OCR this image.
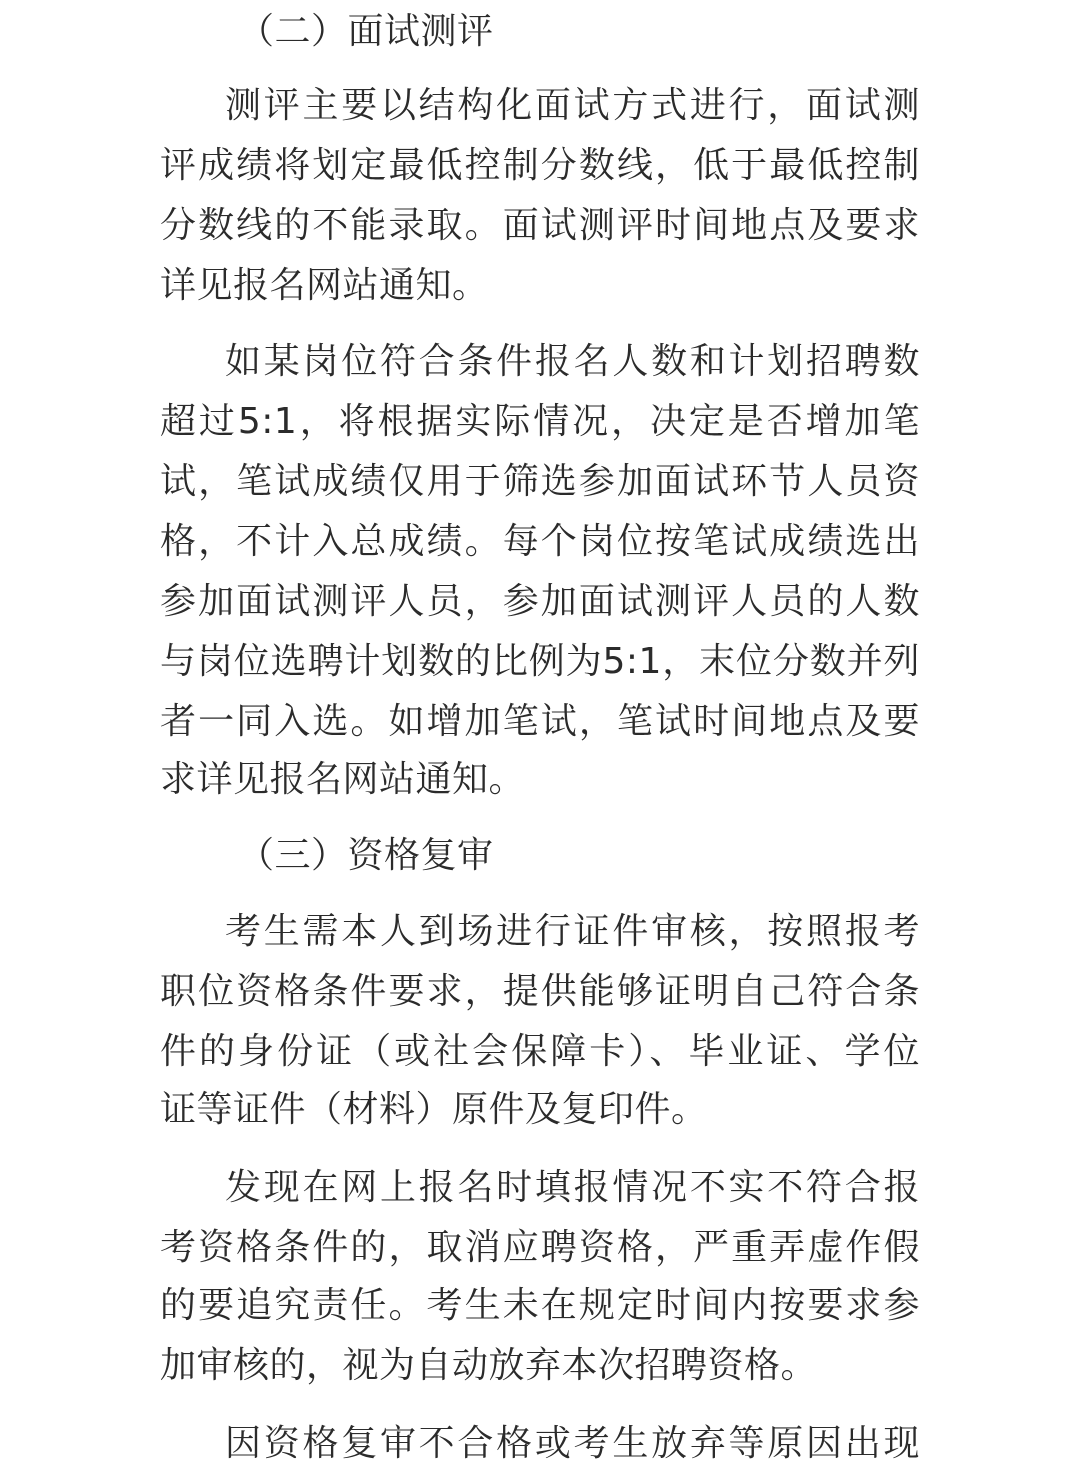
（二）面试测评
测评主要以结构化面试方式进行，面试测
评成绩将划定最低控制分数线，低于最低控制
分数线的不能录取。面试测评时间地点及要求
详见报名网站通知。
如某岗位符合条件报名人数和计划招聘数
超过5:1，将根据实际情况，决定是否增加笔
试，笔试成绩仅用于筛选参加面试环节人员资
格，不计入总成绩。每个岗位按笔试成绩选出
参加面试测评人员，参加面试测评人员的人数
与岗位选聘计划数的比例为5:1，末位分数并列
者一同入选。如增加笔试，笔试时间地点及要
求详见报名网站通知。
（三）资格复审
考生需本人到场进行证件审核，按照报考
职位资格条件要求，提供能够证明自己符合条
件的身份证（或社会保障卡）、毕业证、学位
证等证件（材料）原件及复印件。
发现在网上报名时填报情况不实不符合报
考资格条件的，取消应聘资格，严重弄虚作假
的要追究责任。考生未在规定时间内按要求参
加审核的，视为自动放弃本次招聘资格。
因资格复审不合格或考生放弃等原因出现
